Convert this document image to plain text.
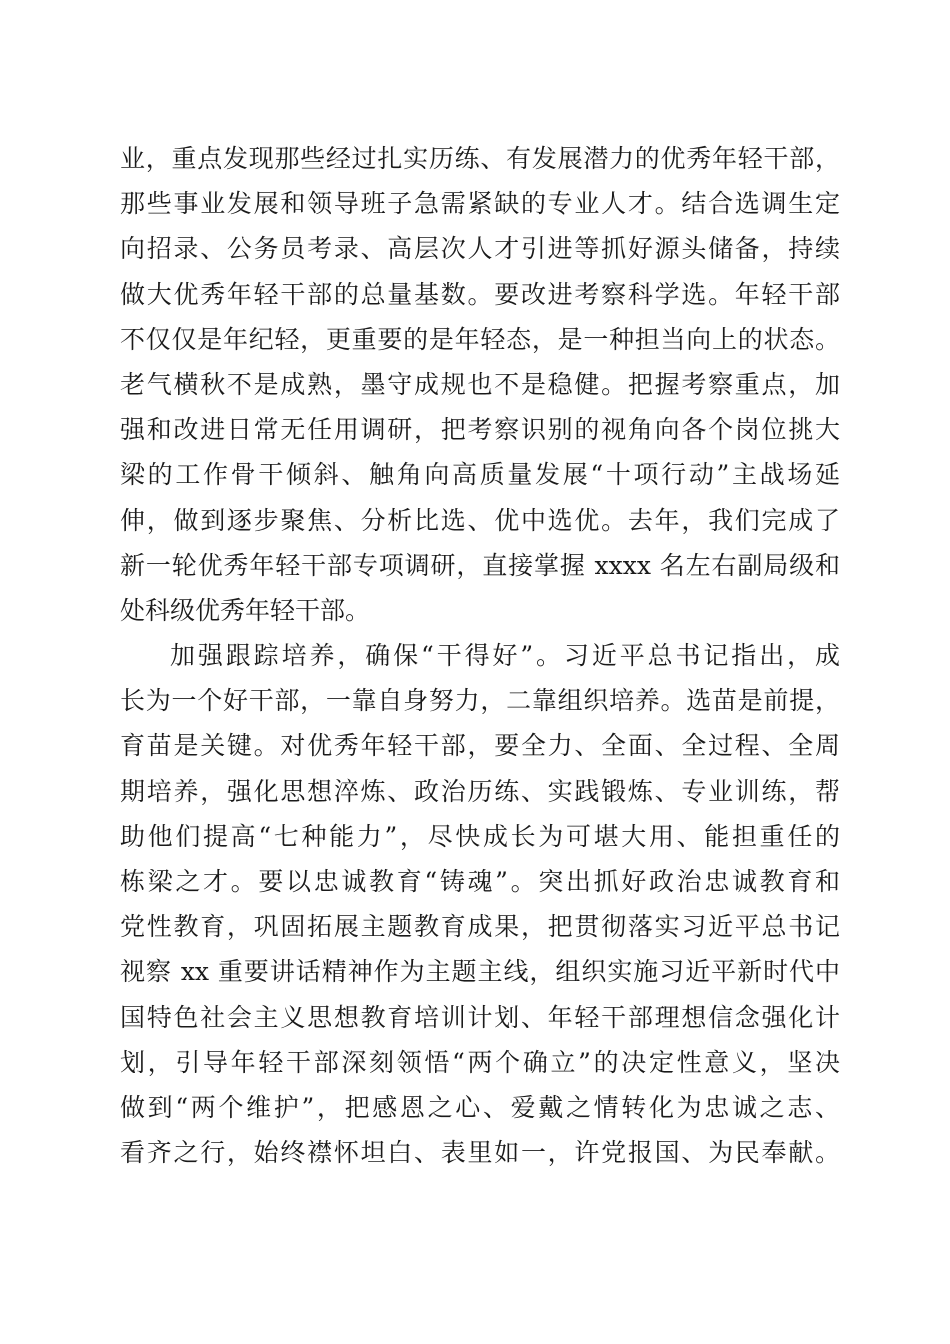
业，重点发现那些经过扎实历练、有发展潜力的优秀年轻干部，
那些事业发展和领导班子急需紧缺的专业人才。结合选调生定
向招录、公务员考录、高层次人才引进等抓好源头储备，持续
做大优秀年轻干部的总量基数。要改进考察科学选。年轻干部
不仅仅是年纪轻，更重要的是年轻态，是一种担当向上的状态。
老气横秋不是成熟，墨守成规也不是稳健。把握考察重点，加
强和改进日常无任用调研，把考察识别的视角向各个岗位挑大
梁的工作骨干倾斜、触角向高质量发展“十项行动”主战场延
伸，做到逐步聚焦、分析比选、优中选优。去年，我们完成了
新一轮优秀年轻干部专项调研，直接掌握 xxxx 名左右副局级和
处科级优秀年轻干部。
加强跟踪培养，确保“干得好”。习近平总书记指出，成
长为一个好干部，一靠自身努力，二靠组织培养。选苗是前提，
育苗是关键。对优秀年轻干部，要全力、全面、全过程、全周
期培养，强化思想淬炼、政治历练、实践锻炼、专业训练，帮
助他们提高“七种能力”，尽快成长为可堪大用、能担重任的
栋梁之才。要以忠诚教育“铸魂”。突出抓好政治忠诚教育和
党性教育，巩固拓展主题教育成果，把贯彻落实习近平总书记
视察 xx 重要讲话精神作为主题主线，组织实施习近平新时代中
国特色社会主义思想教育培训计划、年轻干部理想信念强化计
划，引导年轻干部深刻领悟“两个确立”的决定性意义，坚决
做到“两个维护”，把感恩之心、爱戴之情转化为忠诚之志、
看齐之行，始终襟怀坦白、表里如一，许党报国、为民奉献。
